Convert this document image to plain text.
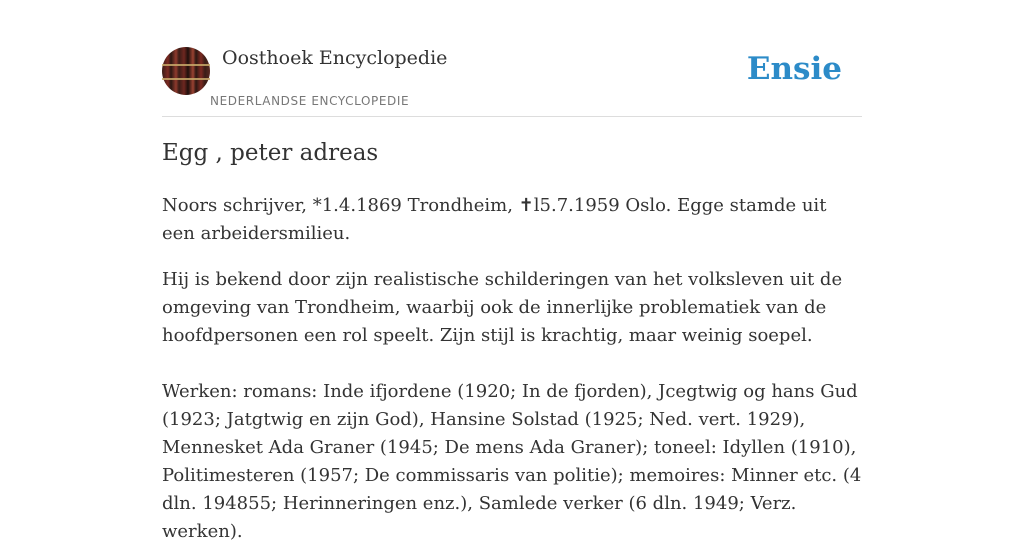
Oosthoek Encyclopedie
NEDERLANDSE ENCYCLOPEDIE
Ensie
Egg , peter adreas

Noors schrijver, *1.4.1869 Trondheim, ✝l5.7.1959 Oslo. Egge stamde uit een arbeidersmilieu.

Hij is bekend door zijn realistische schilderingen van het volksleven uit de omgeving van Trondheim, waarbij ook de innerlijke problematiek van de hoofdpersonen een rol speelt. Zijn stijl is krachtig, maar weinig soepel.

Werken: romans: Inde ifjordene (1920; In de fjorden), Jcegtwig og hans Gud (1923; Jatgtwig en zijn God), Hansine Solstad (1925; Ned. vert. 1929), Mennesket Ada Graner (1945; De mens Ada Graner); toneel: Idyllen (1910), Politimesteren (1957; De commissaris van politie); memoires: Minner etc. (4 dln. 194855; Herinneringen enz.), Samlede verker (6 dln. 1949; Verz. werken).
